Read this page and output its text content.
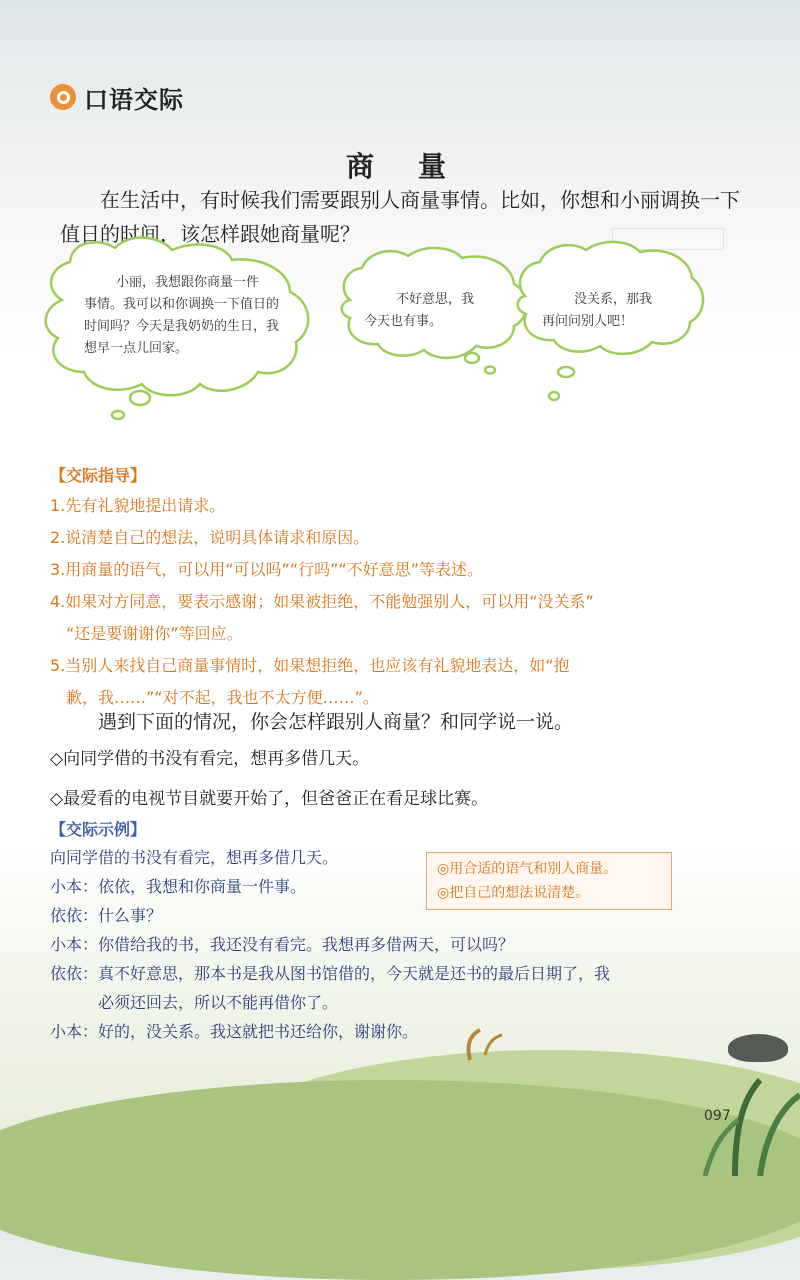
口语交际
商　量
在生活中，有时候我们需要跟别人商量事情。比如，你想和小丽调换一下值日的时间，该怎样跟她商量呢？
小丽，我想跟你商量一件
事情。我可以和你调换一下值日的
时间吗？今天是我奶奶的生日，我
想早一点儿回家。
不好意思，我
今天也有事。
没关系，那我
再问问别人吧！
【交际指导】
1.先有礼貌地提出请求。
2.说清楚自己的想法，说明具体请求和原因。
3.用商量的语气，可以用“可以吗”“行吗”“不好意思”等表述。
4.如果对方同意，要表示感谢；如果被拒绝，不能勉强别人，可以用“没关系”
“还是要谢谢你”等回应。
5.当别人来找自己商量事情时，如果想拒绝，也应该有礼貌地表达，如“抱
歉，我……”“对不起，我也不太方便……”。
遇到下面的情况，你会怎样跟别人商量？和同学说一说。
◇向同学借的书没有看完，想再多借几天。
◇最爱看的电视节目就要开始了，但爸爸正在看足球比赛。
【交际示例】
向同学借的书没有看完，想再多借几天。
小本：依依，我想和你商量一件事。
依依：什么事？
小本：你借给我的书，我还没有看完。我想再多借两天，可以吗？
依依：真不好意思，那本书是我从图书馆借的，今天就是还书的最后日期了，我
必须还回去，所以不能再借你了。
小本：好的，没关系。我这就把书还给你，谢谢你。
◎用合适的语气和别人商量。
◎把自己的想法说清楚。
097
